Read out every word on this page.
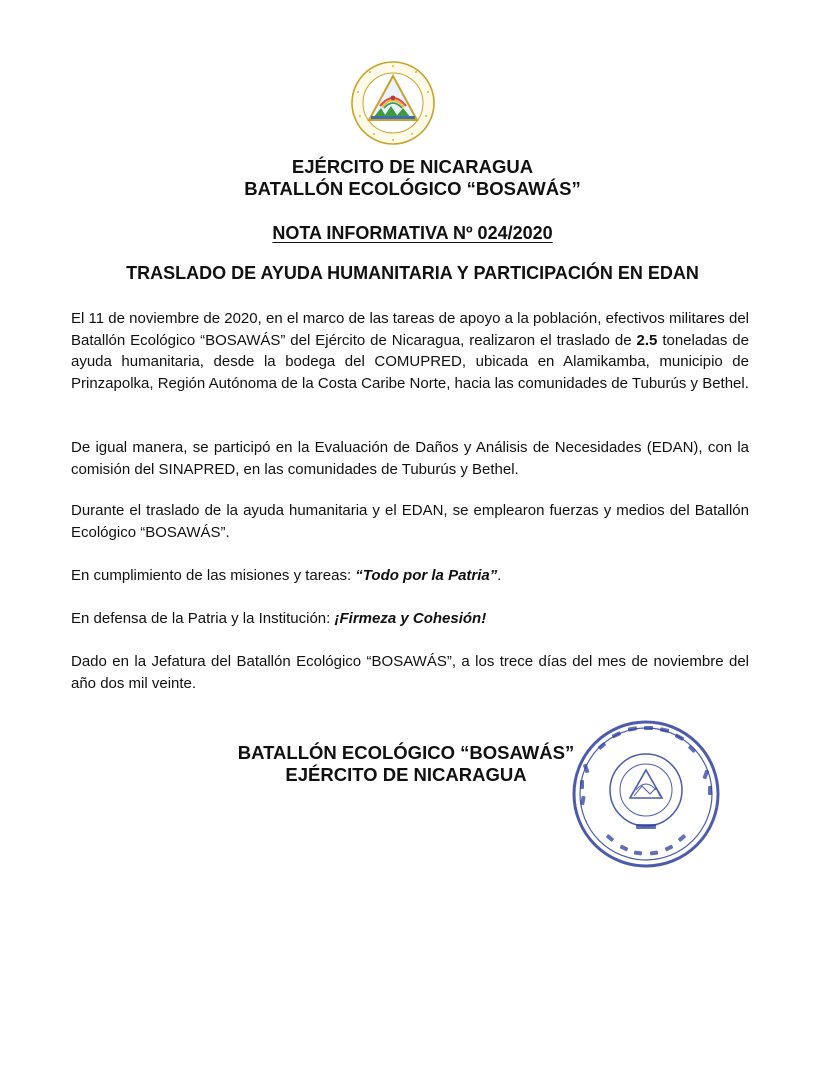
EJÉRCITO DE NICARAGUA
BATALLÓN ECOLÓGICO “BOSAWÁS”
NOTA INFORMATIVA Nº 024/2020
TRASLADO DE AYUDA HUMANITARIA Y PARTICIPACIÓN EN EDAN

El 11 de noviembre de 2020, en el marco de las tareas de apoyo a la población, efectivos militares del Batallón Ecológico “BOSAWÁS” del Ejército de Nicaragua, realizaron el traslado de 2.5 toneladas de ayuda humanitaria, desde la bodega del COMUPRED, ubicada en Alamikamba, municipio de Prinzapolka, Región Autónoma de la Costa Caribe Norte, hacia las comunidades de Tuburús y Bethel.

De igual manera, se participó en la Evaluación de Daños y Análisis de Necesidades (EDAN), con la comisión del SINAPRED, en las comunidades de Tuburús y Bethel.

Durante el traslado de la ayuda humanitaria y el EDAN, se emplearon fuerzas y medios del Batallón Ecológico “BOSAWÁS”.

En cumplimiento de las misiones y tareas: “Todo por la Patria”.

En defensa de la Patria y la Institución: ¡Firmeza y Cohesión!

Dado en la Jefatura del Batallón Ecológico “BOSAWÁS”, a los trece días del mes de noviembre del año dos mil veinte.

BATALLÓN ECOLÓGICO “BOSAWÁS”
EJÉRCITO DE NICARAGUA
